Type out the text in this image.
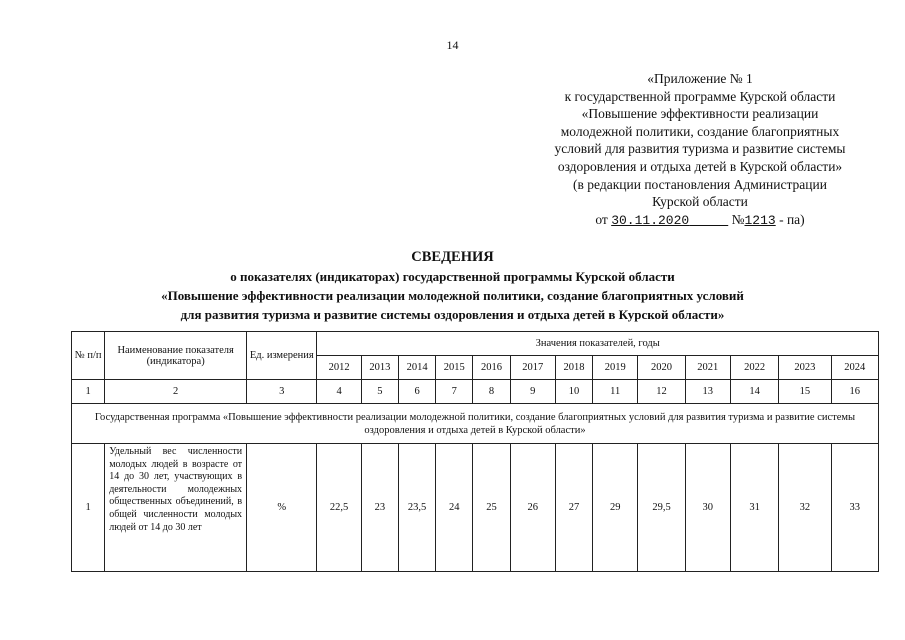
14
«Приложение № 1
к государственной программе Курской области
«Повышение эффективности реализации
молодежной политики, создание благоприятных
условий для развития туризма и развитие системы
оздоровления и отдыха детей в Курской области»
(в редакции постановления Администрации
Курской области
от 30.11.2020	№1213 - па)
СВЕДЕНИЯ
о показателях (индикаторах) государственной программы Курской области
«Повышение эффективности реализации молодежной политики, создание благоприятных условий
для развития туризма и развитие системы оздоровления и отдыха детей в Курской области»
№ п/п	Наименование показателя (индикатора)	Ед. измерения	Значения показателей, годы												
			2012	2013	2014	2015	2016	2017	2018	2019	2020	2021	2022	2023	2024
1	2	3	4	5	6	7	8	9	10	11	12	13	14	15	16
Государственная программа «Повышение эффективности реализации молодежной политики, создание благоприятных условий для развития туризма и развитие системы оздоровления и отдыха детей в Курской области»															
1	Удельный вес численности молодых людей в возрасте от 14 до 30 лет, участвующих в деятельности молодежных общественных объединений, в общей численности молодых людей от 14 до 30 лет	%	22,5	23	23,5	24	25	26	27	29	29,5	30	31	32	33
